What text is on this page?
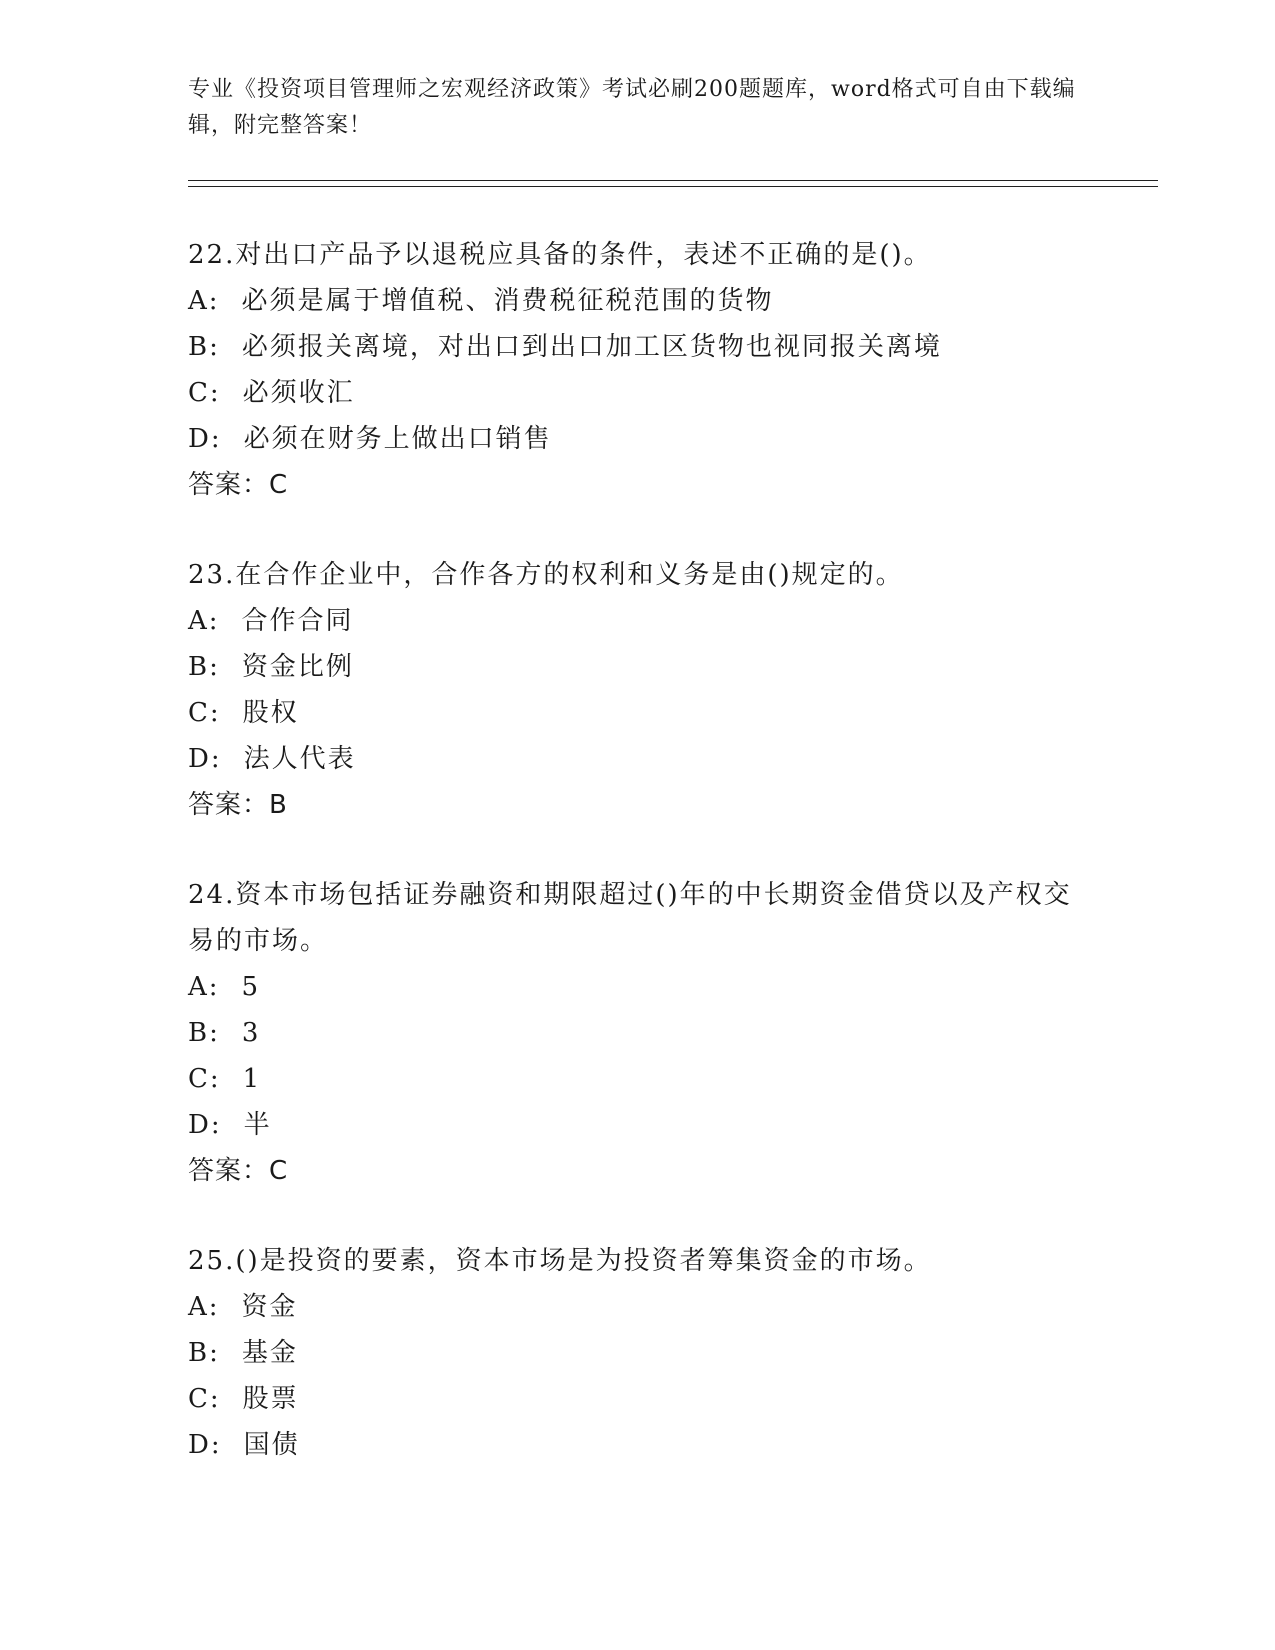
专业《投资项目管理师之宏观经济政策》考试必刷200题题库，word格式可自由下载编辑，附完整答案！
22.对出口产品予以退税应具备的条件，表述不正确的是()。
A: 必须是属于增值税、消费税征税范围的货物
B: 必须报关离境，对出口到出口加工区货物也视同报关离境
C: 必须收汇
D: 必须在财务上做出口销售
答案：C
23.在合作企业中，合作各方的权利和义务是由()规定的。
A: 合作合同
B: 资金比例
C: 股权
D: 法人代表
答案：B
24.资本市场包括证券融资和期限超过()年的中长期资金借贷以及产权交易的市场。
A: 5
B: 3
C: 1
D: 半
答案：C
25.()是投资的要素，资本市场是为投资者筹集资金的市场。
A: 资金
B: 基金
C: 股票
D: 国债
